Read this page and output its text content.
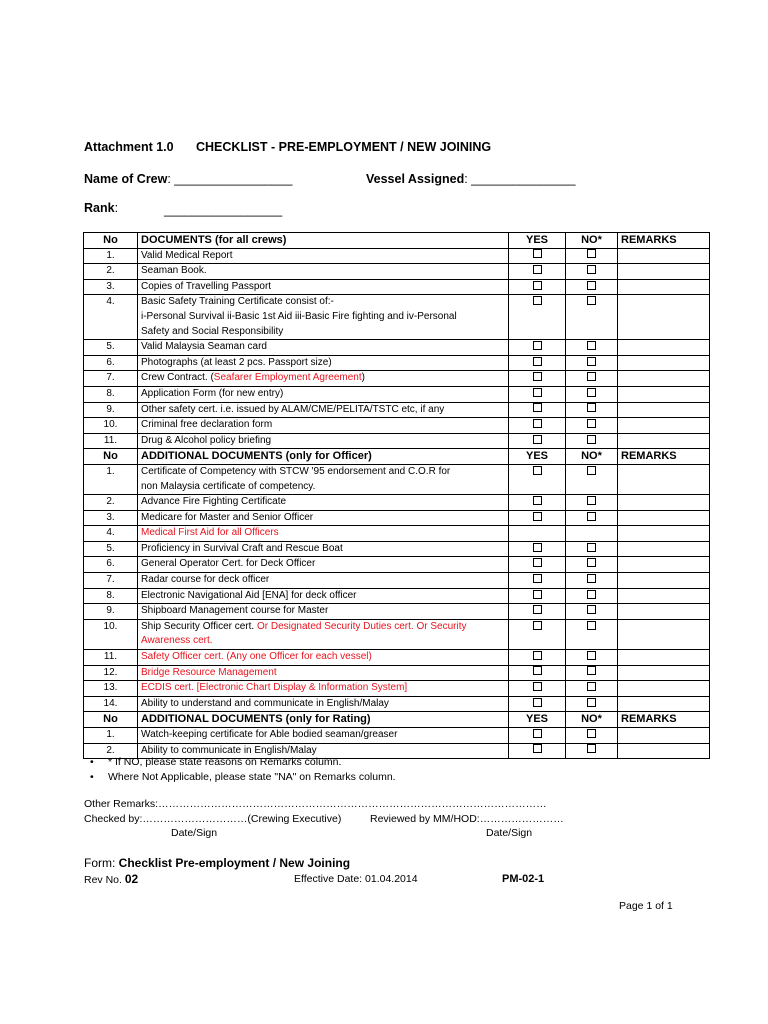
Attachment 1.0 CHECKLIST - PRE-EMPLOYMENT / NEW JOINING
Name of Crew: _________________	Vessel Assigned: _______________
Rank:	_________________
No	DOCUMENTS (for all crews)	YES	NO*	REMARKS
1.	Valid Medical Report			
2.	Seaman Book.			
3.	Copies of Travelling Passport			
4.	Basic Safety Training Certificate consist of:-
i-Personal Survival ii-Basic 1st Aid iii-Basic Fire fighting and iv-Personal
Safety and Social Responsibility			

5.	Valid Malaysia Seaman card			
6.	Photographs (at least 2 pcs. Passport size)			
7.	Crew Contract. (Seafarer Employment Agreement)			
8.	Application Form (for new entry)			
9.	Other safety cert. i.e. issued by ALAM/CME/PELITA/TSTC etc, if any			
10.	Criminal free declaration form			
11.	Drug & Alcohol policy briefing			
No	ADDITIONAL DOCUMENTS (only for Officer)	YES	NO*	REMARKS
1.	Certificate of Competency with STCW '95 endorsement and C.O.R for
non Malaysia certificate of competency.			

2.	Advance Fire Fighting Certificate			
3.	Medicare for Master and Senior Officer			
4.	Medical First Aid for all Officers			
5.	Proficiency in Survival Craft and Rescue Boat			
6.	General Operator Cert. for Deck Officer			
7.	Radar course for deck officer			
8.	Electronic Navigational Aid [ENA] for deck officer			
9.	Shipboard Management course for Master			
10.	Ship Security Officer cert. Or Designated Security Duties cert. Or Security
Awareness cert.			

11.	Safety Officer cert. (Any one Officer for each vessel)			
12.	Bridge Resource Management			
13.	ECDIS cert. [Electronic Chart Display & Information System]			
14.	Ability to understand and communicate in English/Malay			
No	ADDITIONAL DOCUMENTS (only for Rating)	YES	NO*	REMARKS
1.	Watch-keeping certificate for Able bodied seaman/greaser			
2.	Ability to communicate in English/Malay			
• * If NO, please state reasons on Remarks column.
• Where Not Applicable, please state "NA" on Remarks column.
Other Remarks:…………………………………………………………………………………………………
Checked by:…………………………(Crewing Executive)	Reviewed by MM/HOD:……………………
Date/Sign	Date/Sign
Form: Checklist Pre-employment / New Joining
Rev No. 02	Effective Date: 01.04.2014	PM-02-1
Page 1 of 1
